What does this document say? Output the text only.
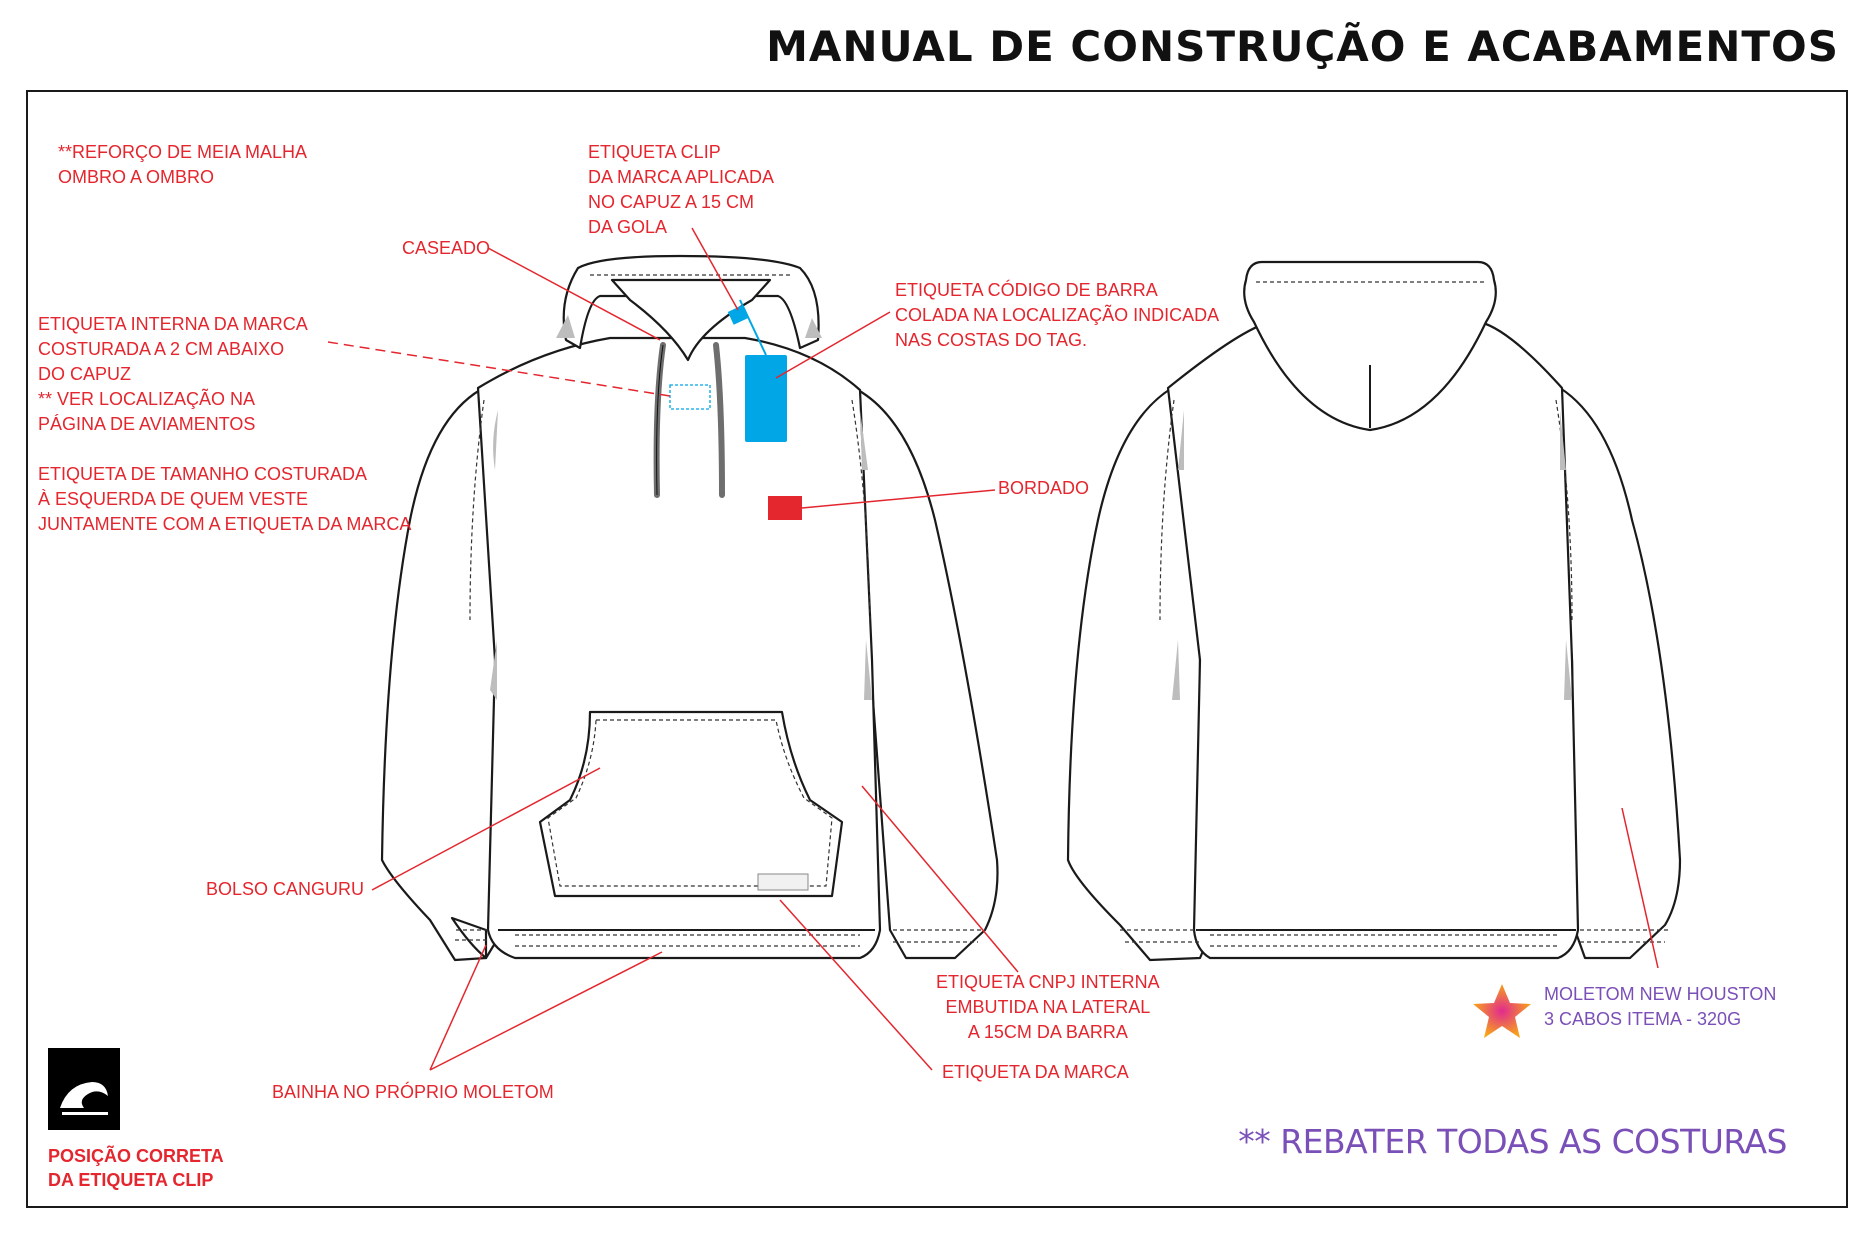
MANUAL DE CONSTRUÇÃO E ACABAMENTOS
**REFORÇO DE MEIA MALHA
OMBRO A OMBRO
ETIQUETA CLIP
DA MARCA APLICADA
NO CAPUZ A 15 CM
DA GOLA
CASEADO
ETIQUETA CÓDIGO DE BARRA
COLADA NA LOCALIZAÇÃO INDICADA
NAS COSTAS DO TAG.
ETIQUETA INTERNA DA MARCA
COSTURADA A 2 CM ABAIXO
DO CAPUZ
** VER LOCALIZAÇÃO NA
PÁGINA DE AVIAMENTOS
ETIQUETA DE TAMANHO COSTURADA
À ESQUERDA DE QUEM VESTE
JUNTAMENTE COM A ETIQUETA DA MARCA
BORDADO
BOLSO CANGURU
ETIQUETA CNPJ INTERNA
EMBUTIDA NA LATERAL
A 15CM DA BARRA
ETIQUETA DA MARCA
BAINHA NO PRÓPRIO MOLETOM
MOLETOM NEW HOUSTON
3 CABOS ITEMA - 320G
** REBATER TODAS AS COSTURAS
POSIÇÃO CORRETA
DA ETIQUETA CLIP
